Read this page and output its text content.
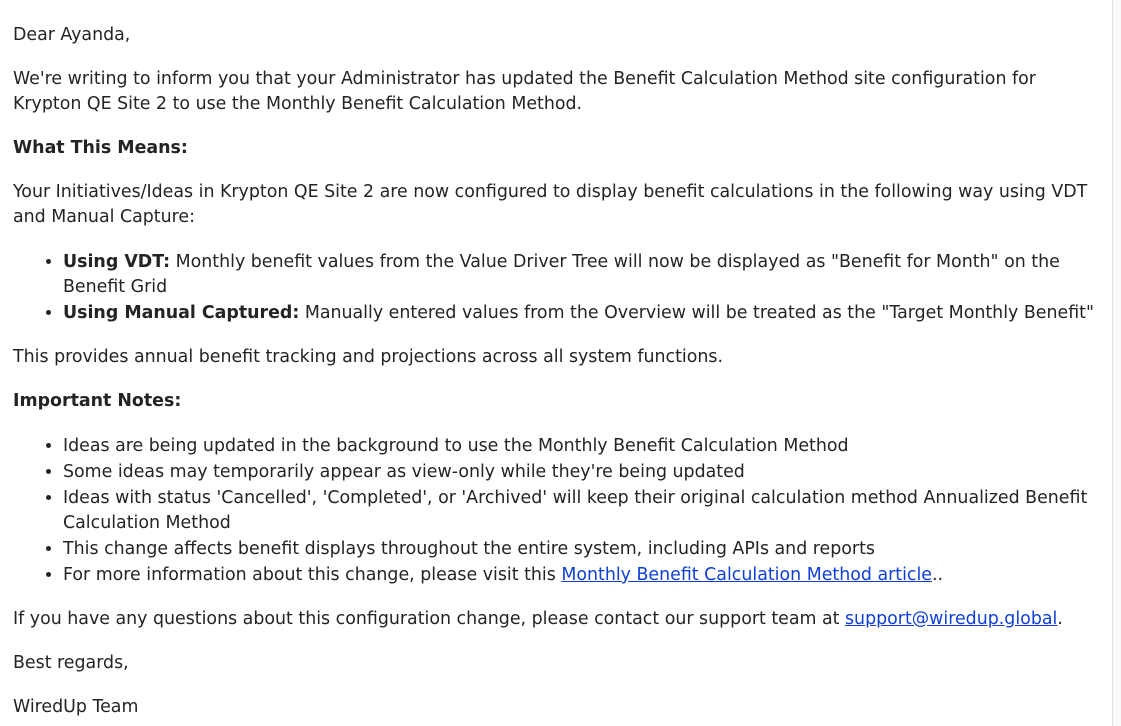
Dear Ayanda,

We're writing to inform you that your Administrator has updated the Benefit Calculation Method site configuration for Krypton QE Site 2 to use the Monthly Benefit Calculation Method.

What This Means:

Your Initiatives/Ideas in Krypton QE Site 2 are now configured to display benefit calculations in the following way using VDT and Manual Capture:

• Using VDT: Monthly benefit values from the Value Driver Tree will now be displayed as "Benefit for Month" on the Benefit Grid
• Using Manual Captured: Manually entered values from the Overview will be treated as the "Target Monthly Benefit"

This provides annual benefit tracking and projections across all system functions.

Important Notes:

• Ideas are being updated in the background to use the Monthly Benefit Calculation Method
• Some ideas may temporarily appear as view-only while they're being updated
• Ideas with status 'Cancelled', 'Completed', or 'Archived' will keep their original calculation method Annualized Benefit Calculation Method
• This change affects benefit displays throughout the entire system, including APIs and reports
• For more information about this change, please visit this Monthly Benefit Calculation Method article..

If you have any questions about this configuration change, please contact our support team at support@wiredup.global.

Best regards,

WiredUp Team
